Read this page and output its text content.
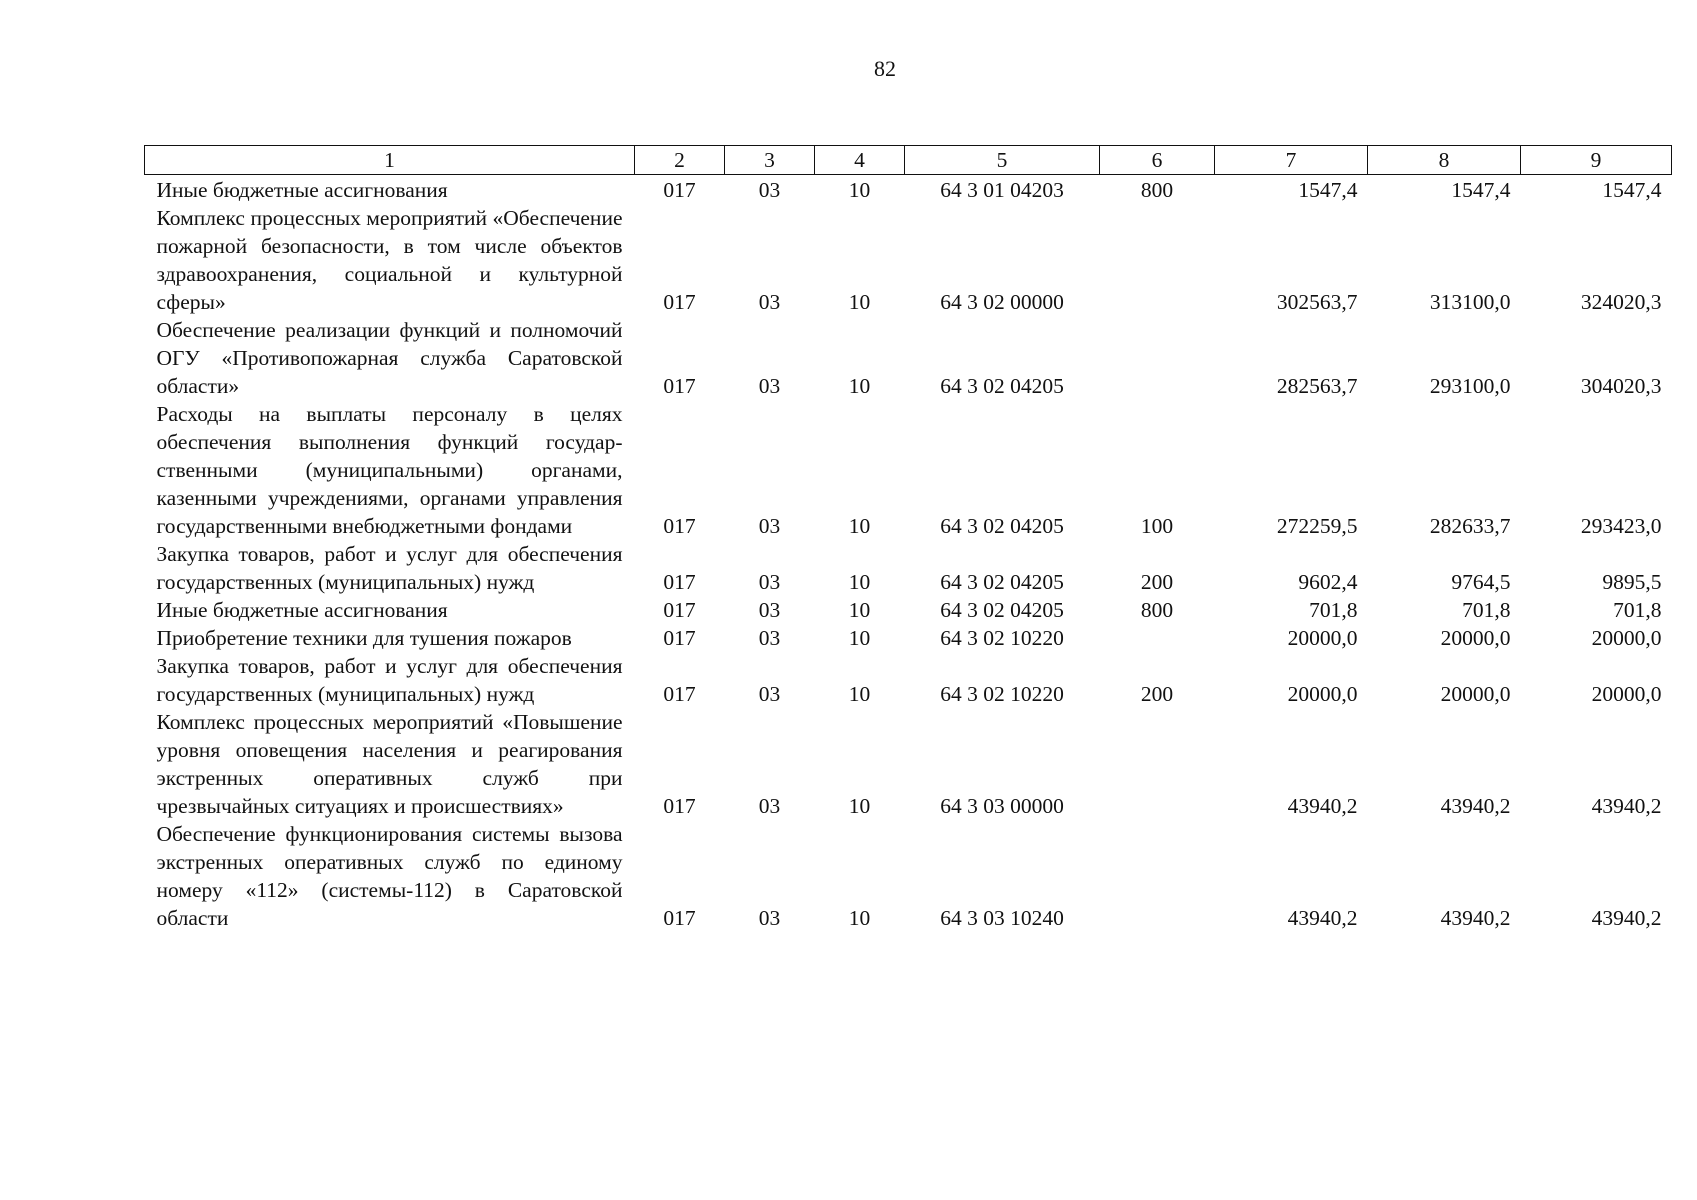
82
1	2	3	4	5	6	7	8	9
Иные бюджетные ассигнования	017	03	10	64 3 01 04203	800	1547,4	1547,4	1547,4
Комплекс процессных мероприятий «Обеспечение пожарной безопасности, в том числе объектов здравоохранения, социальной и культурной сферы»	017	03	10	64 3 02 00000		302563,7	313100,0	324020,3
Обеспечение реализации функций и полномочий ОГУ «Противопожарная служба Саратовской области»	017	03	10	64 3 02 04205		282563,7	293100,0	304020,3
Расходы на выплаты персоналу в целях обеспечения выполнения функций государственными (муниципальными) органами, казенными учреждениями, органами управления государственными внебюджетными фондами	017	03	10	64 3 02 04205	100	272259,5	282633,7	293423,0
Закупка товаров, работ и услуг для обеспечения государственных (муниципальных) нужд	017	03	10	64 3 02 04205	200	9602,4	9764,5	9895,5
Иные бюджетные ассигнования	017	03	10	64 3 02 04205	800	701,8	701,8	701,8
Приобретение техники для тушения пожаров	017	03	10	64 3 02 10220		20000,0	20000,0	20000,0
Закупка товаров, работ и услуг для обеспечения государственных (муниципальных) нужд	017	03	10	64 3 02 10220	200	20000,0	20000,0	20000,0
Комплекс процессных мероприятий «Повышение уровня оповещения населения и реагирования экстренных оперативных служб при чрезвычайных ситуациях и происшествиях»	017	03	10	64 3 03 00000		43940,2	43940,2	43940,2
Обеспечение функционирования системы вызова экстренных оперативных служб по единому номеру «112» (системы-112) в Саратовской области	017	03	10	64 3 03 10240		43940,2	43940,2	43940,2
